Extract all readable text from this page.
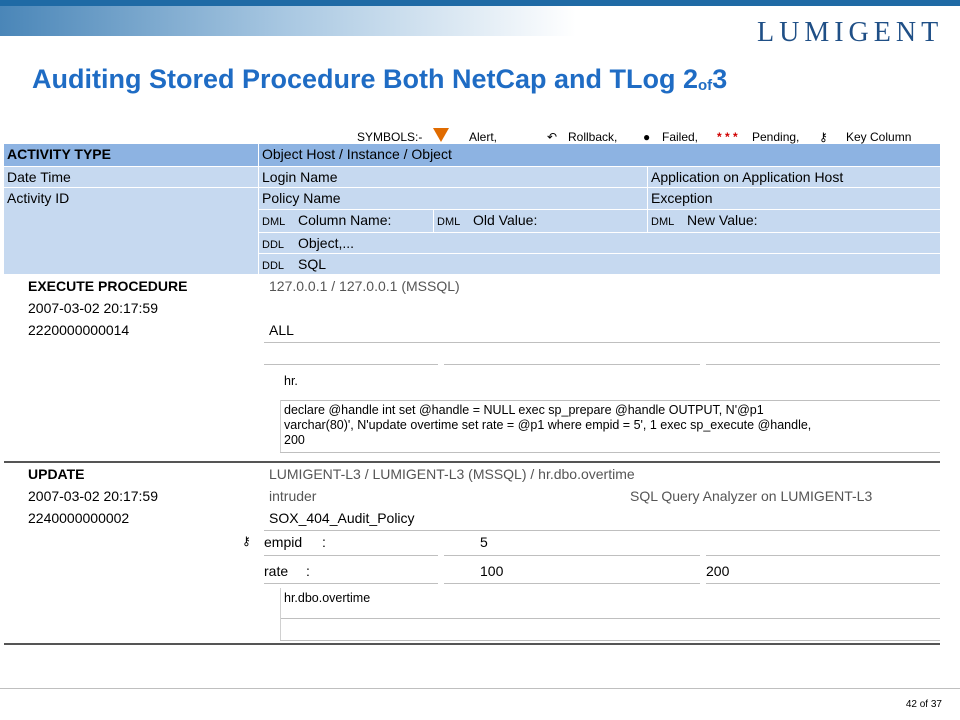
LUMIGENT
Auditing Stored Procedure Both NetCap and TLog 2of3
SYMBOLS:-	Alert,	↶ Rollback, ● Failed, * * * Pending, ⚷ Key Column
ACTIVITY TYPE	Object Host / Instance / Object
Date Time	Login Name	Application on Application Host
Activity ID	Policy Name	Exception
DML Column Name:	DML Old Value:	DML New Value:
DDL Object,...
DDL SQL
EXECUTE PROCEDURE	127.0.0.1 / 127.0.0.1 (MSSQL)
2007-03-02 20:17:59
2220000000014	ALL
hr.
declare @handle int set @handle = NULL exec sp_prepare @handle OUTPUT, N'@p1
varchar(80)', N'update overtime set rate = @p1 where empid = 5', 1 exec sp_execute @handle,
200
UPDATE	LUMIGENT-L3 / LUMIGENT-L3 (MSSQL) / hr.dbo.overtime
2007-03-02 20:17:59	intruder	SQL Query Analyzer on LUMIGENT-L3
2240000000002	SOX_404_Audit_Policy
⚷ empid :	5
rate :	100	200
hr.dbo.overtime
42 of 37
